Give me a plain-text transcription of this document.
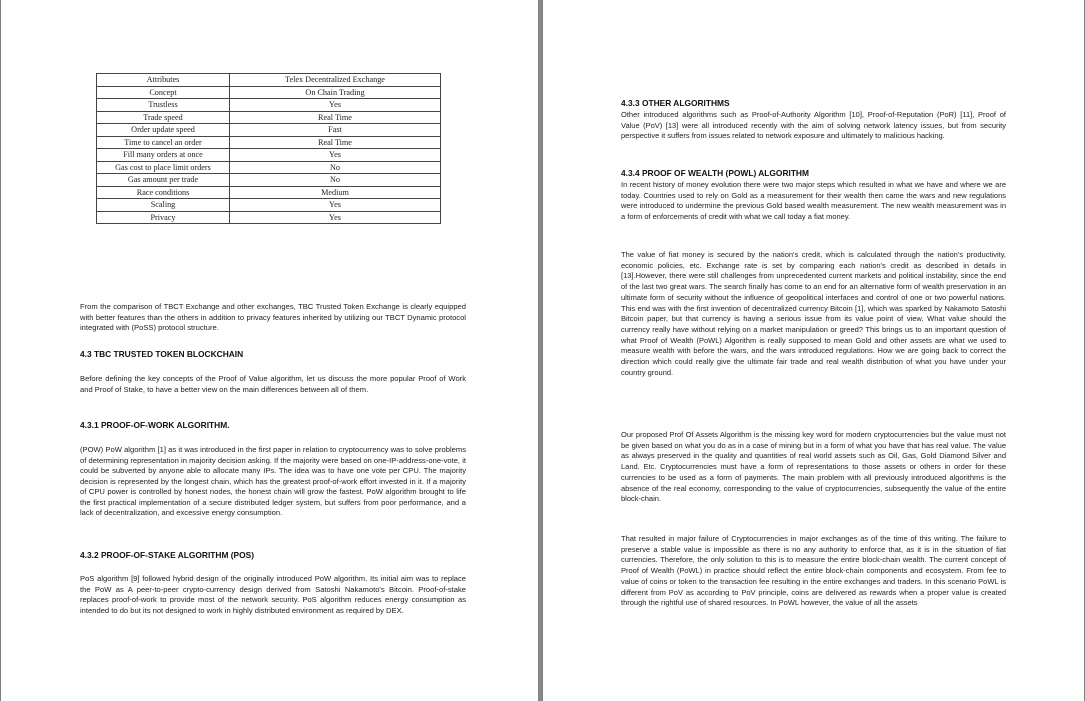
Attributes	Telex Decentralized Exchange
Concept	On Chain Trading
Trustless	Yes
Trade speed	Real Time
Order update speed	Fast
Time to cancel an order	Real Time
Fill many orders at once	Yes
Gas cost to place limit orders	No
Gas amount per trade	No
Race conditions	Medium
Scaling	Yes
Privacy	Yes

From the comparison of TBCT Exchange and other exchanges, TBC Trusted Token Exchange is clearly equipped with better features than the others in addition to privacy features inherited by utilizing our TBCT Dynamic protocol integrated with (PoSS) protocol structure.

4.3 TBC TRUSTED TOKEN BLOCKCHAIN

Before defining the key concepts of the Proof of Value algorithm, let us discuss the more popular Proof of Work and Proof of Stake, to have a better view on the main differences between all of them.

4.3.1 PROOF-OF-WORK ALGORITHM.

(POW) PoW algorithm [1] as it was introduced in the first paper in relation to cryptocurrency was to solve problems of determining representation in majority decision asking. If the majority were based on one-IP-address-one-vote, it could be subverted by anyone able to allocate many IPs. The idea was to have one vote per CPU. The majority decision is represented by the longest chain, which has the greatest proof-of-work effort invested in it. If a majority of CPU power is controlled by honest nodes, the honest chain will grow the fastest. PoW algorithm brought to life the first practical implementation of a secure distributed ledger system, but suffers from poor performance, and a lack of decentralization, and excessive energy consumption.

4.3.2 PROOF-OF-STAKE ALGORITHM (POS)

PoS algorithm [9] followed hybrid design of the originally introduced PoW algorithm. Its initial aim was to replace the PoW as A peer-to-peer crypto-currency design derived from Satoshi Nakamoto's Bitcoin. Proof-of-stake replaces proof-of-work to provide most of the network security. PoS algorithm reduces energy consumption as intended to do but its not designed to work in highly distributed environment as required by DEX.

4.3.3 OTHER ALGORITHMS

Other introduced algorithms such as Proof-of-Authority Algorithm [10], Proof-of-Reputation (PoR) [11], Proof of Value (PoV) [13] were all introduced recently with the aim of solving network latency issues, but from security perspective it suffers from issues related to network exposure and ultimately to malicious hacking.

4.3.4 PROOF OF WEALTH (POWL) ALGORITHM

In recent history of money evolution there were two major steps which resulted in what we have and where we are today. Countries used to rely on Gold as a measurement for their wealth then came the wars and new regulations were introduced to undermine the previous Gold based wealth measurement. The new wealth measurement was in a form of enforcements of credit with what we call today a fiat money.

The value of fiat money is secured by the nation's credit, which is calculated through the nation's productivity, economic policies, etc. Exchange rate is set by comparing each nation's credit as described in details in [13].However, there were still challenges from unprecedented current markets and political instability, since the end of the last two great wars. The search finally has come to an end for an alternative form of wealth preservation in an ultimate form of security without the influence of geopolitical interfaces and control of one or two powerful nations. This end was with the first invention of decentralized currency Bitcoin [1], which was sparked by Nakamoto Satoshi Bitcoin paper, but that currency is having a serious issue from its value point of view. What value should the currency really have without relying on a market manipulation or greed? This brings us to an important question of what Proof of Wealth (PoWL) Algorithm is really supposed to mean Gold and other assets are what we used to measure wealth with before the wars, and the wars introduced regulations. How we are going back to correct the direction which could really give the ultimate fair trade and real wealth distribution of what you have under your country ground.

Our proposed Prof Of Assets Algorithm is the missing key word for modern cryptocurrencies but the value must not be given based on what you do as in a case of mining but in a form of what you have that has real value. The value as always preserved in the quality and quantities of real world assets such as Oil, Gas, Gold Diamond Silver and Land. Etc. Cryptocurrencies must have a form of representations to those assets or others in order for these currencies to be used as a form of payments. The main problem with all previously introduced algorithms is the absence of the real economy, corresponding to the value of cryptocurrencies, subsequently the value of the entire block-chain.

That resulted in major failure of Cryptocurrencies in major exchanges as of the time of this writing. The failure to preserve a stable value is impossible as there is no any authority to enforce that, as it is in the situation of fiat currencies. Therefore, the only solution to this is to measure the entire block-chain wealth. The current concept of Proof of Wealth (PoWL) in practice should reflect the entire block-chain components and ecosystem. From fee to value of coins or token to the transaction fee resulting in the entire exchanges and traders. In this scenario PoWL is different from PoV as according to PoV principle, coins are delivered as rewards when a proper value is created through the rightful use of shared resources. In PoWL however, the value of all the assets
